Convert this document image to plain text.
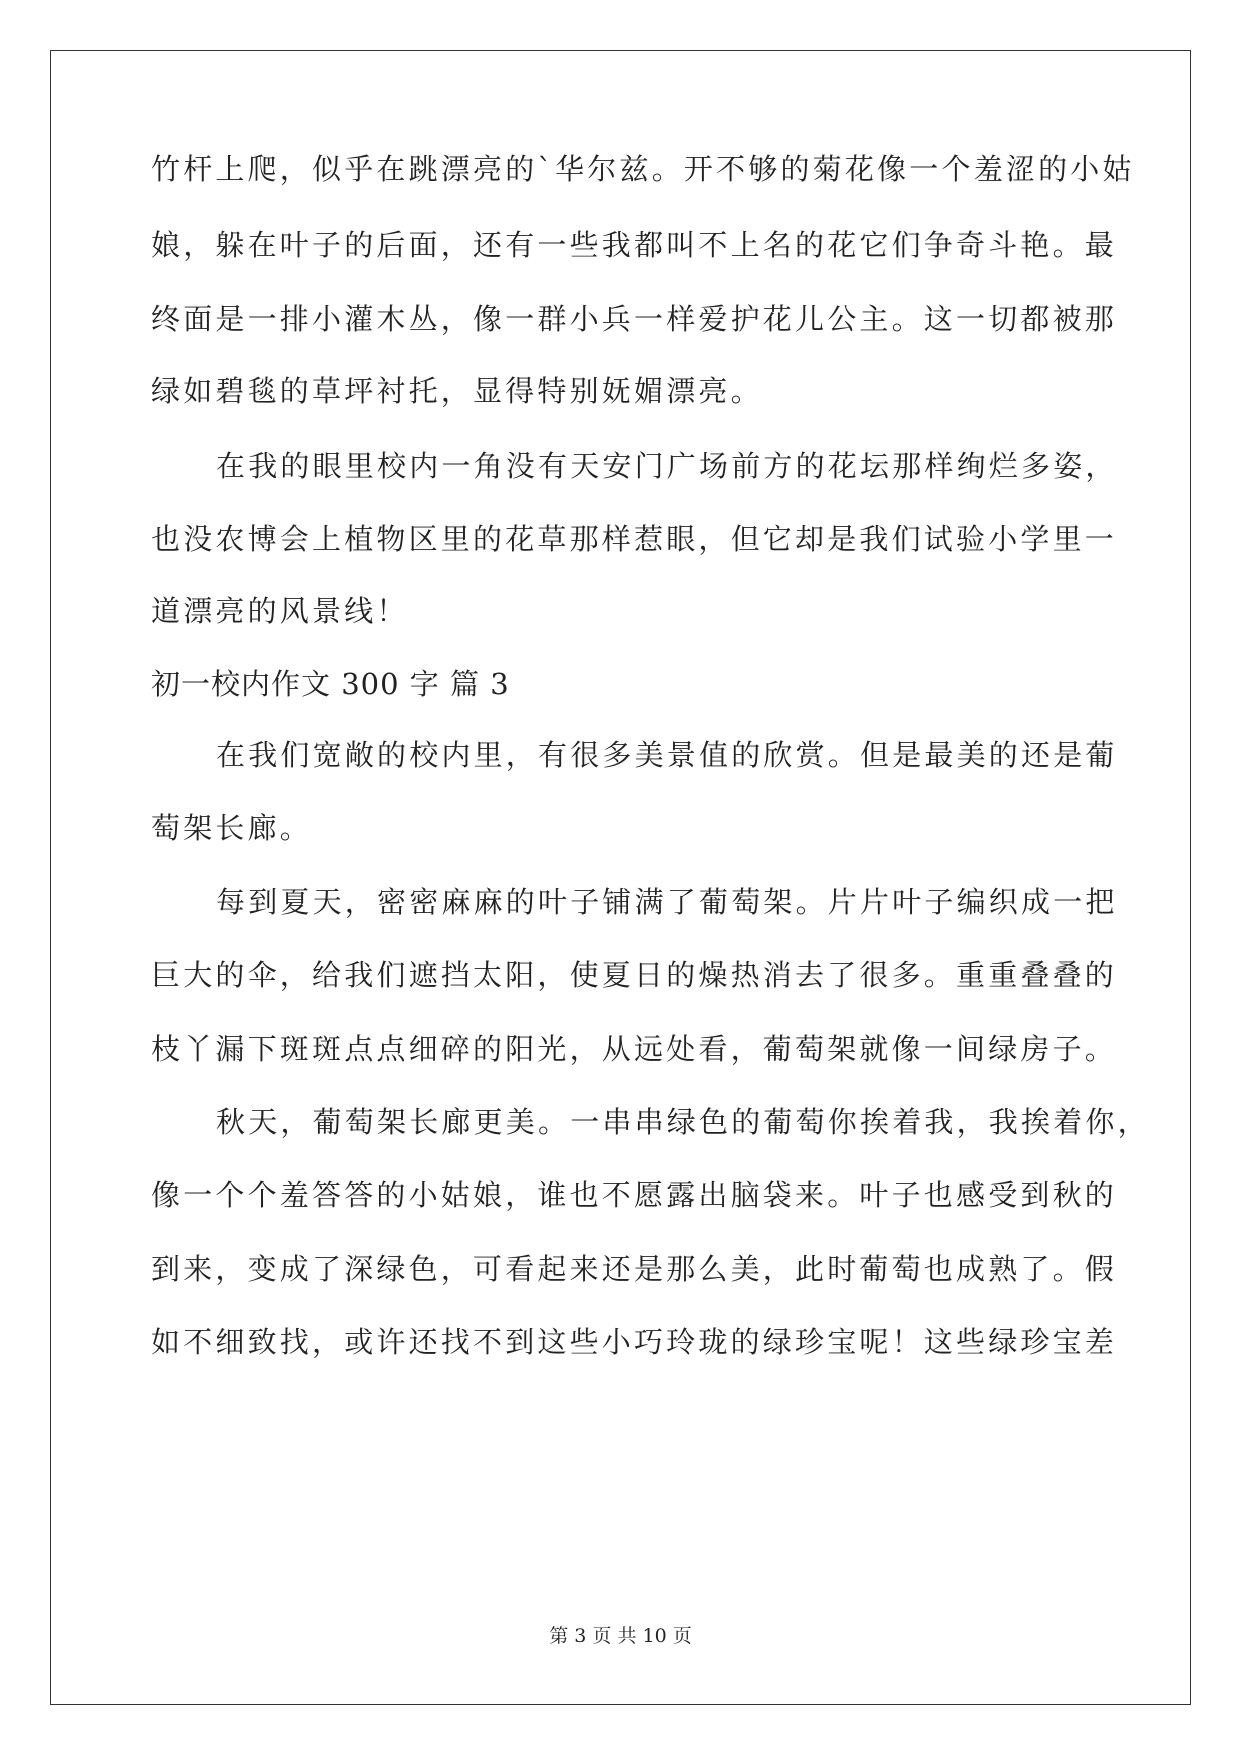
竹杆上爬，似乎在跳漂亮的`华尔兹。开不够的菊花像一个羞涩的小姑
娘，躲在叶子的后面，还有一些我都叫不上名的花它们争奇斗艳。最
终面是一排小灌木丛，像一群小兵一样爱护花儿公主。这一切都被那
绿如碧毯的草坪衬托，显得特别妩媚漂亮。
在我的眼里校内一角没有天安门广场前方的花坛那样绚烂多姿，
也没农博会上植物区里的花草那样惹眼，但它却是我们试验小学里一
道漂亮的风景线！
初一校内作文 300 字 篇 3
在我们宽敞的校内里，有很多美景值的欣赏。但是最美的还是葡
萄架长廊。
每到夏天，密密麻麻的叶子铺满了葡萄架。片片叶子编织成一把
巨大的伞，给我们遮挡太阳，使夏日的燥热消去了很多。重重叠叠的
枝丫漏下斑斑点点细碎的阳光，从远处看，葡萄架就像一间绿房子。
秋天，葡萄架长廊更美。一串串绿色的葡萄你挨着我，我挨着你，
像一个个羞答答的小姑娘，谁也不愿露出脑袋来。叶子也感受到秋的
到来，变成了深绿色，可看起来还是那么美，此时葡萄也成熟了。假
如不细致找，或许还找不到这些小巧玲珑的绿珍宝呢！这些绿珍宝差
第 3 页 共 10 页
